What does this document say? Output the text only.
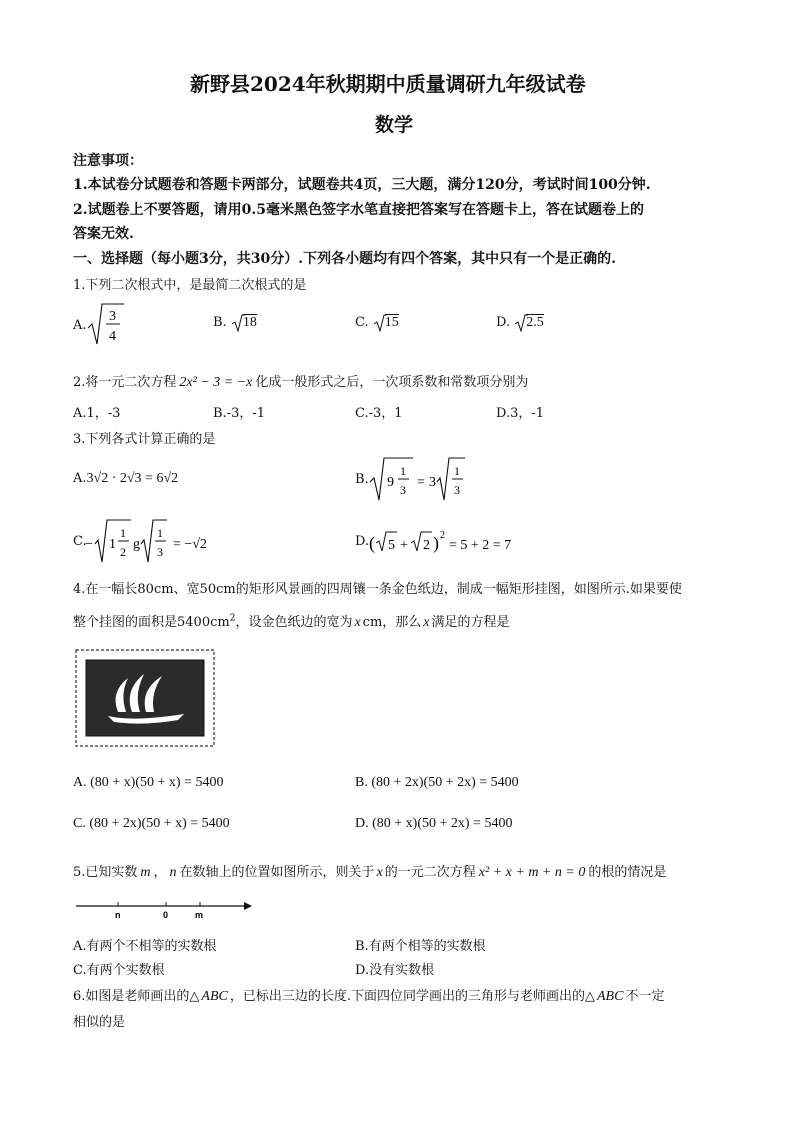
新野县2024年秋期期中质量调研九年级试卷
数学
注意事项：
1.本试卷分试题卷和答题卡两部分，试题卷共4页，三大题，满分120分，考试时间100分钟.
2.试题卷上不要答题，请用0.5毫米黑色签字水笔直接把答案写在答题卡上，答在试题卷上的
答案无效.
一、选择题（每小题3分，共30分）.下列各小题均有四个答案，其中只有一个是正确的.
1.下列二次根式中，是最简二次根式的是
A.
3
4
B. 18	C. 15	D. 2.5
2.将一元二次方程 2x² − 3 = −x 化成一般形式之后，一次项系数和常数项分别为
A.1，-3	B.-3，-1	C.-3，1	D.3，-1
3.下列各式计算正确的是
A.3√2 · 2√3 = 6√2	B. 9
1
3 = 3
1
3
C.
− 1
1
2 g
1
3 = −√2	D. ( 5 + 2 ) 2
= 5 + 2 = 7
4.在一幅长80cm、宽50cm的矩形风景画的四周镶一条金色纸边，制成一幅矩形挂图，如图所示.如果要使
整个挂图的面积是$5400cm^2$，设金色纸边的宽为 x cm，那么 x 满足的方程是
A. (80 + x)(50 + x) = 5400	B. (80 + 2x)(50 + 2x) = 5400
C. (80 + 2x)(50 + x) = 5400	D. (80 + x)(50 + 2x) = 5400
5.已知实数 m ， n 在数轴上的位置如图所示，则关于 x 的一元二次方程 x² + x + m + n = 0 的根的情况是
n	0	m
A.有两个不相等的实数根	B.有两个相等的实数根
C.有两个实数根	D.没有实数根
6.如图是老师画出的△ ABC ，已标出三边的长度.下面四位同学画出的三角形与老师画出的△ ABC 不一定
相似的是
